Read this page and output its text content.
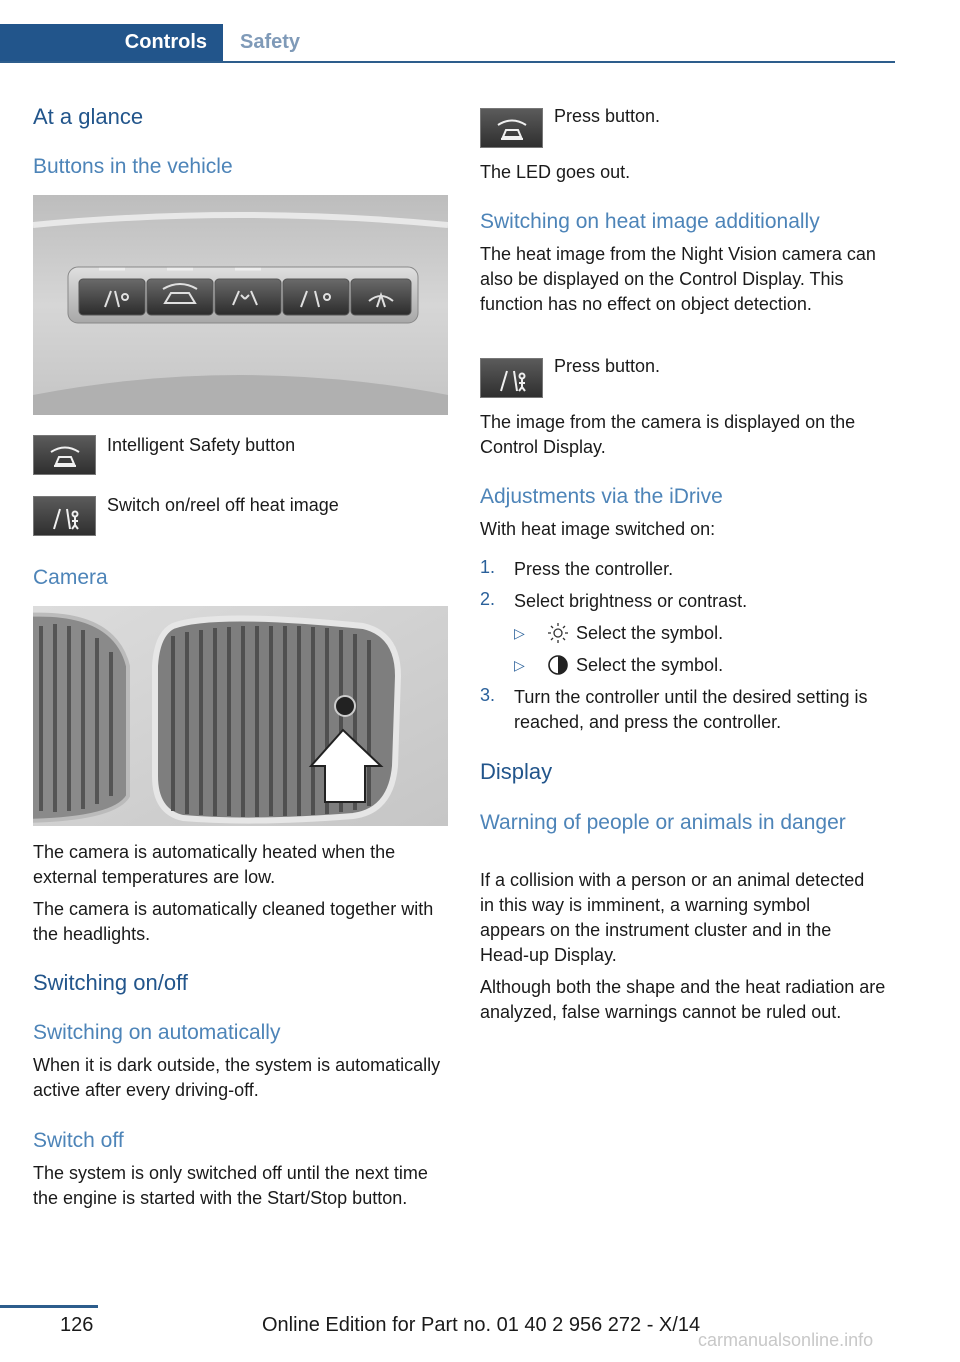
Controls Safety
At a glance
Buttons in the vehicle
Intelligent Safety button
Switch on/reel off heat image
Camera
The camera is automatically heated when the external temperatures are low.
The camera is automatically cleaned together with the headlights.
Switching on/off
Switching on automatically
When it is dark outside, the system is automatically active after every driving-off.
Switch off
The system is only switched off until the next time the engine is started with the Start/Stop button.
Press button.
The LED goes out.
Switching on heat image additionally
The heat image from the Night Vision camera can also be displayed on the Control Display. This function has no effect on object detection.
Press button.
The image from the camera is displayed on the Control Display.
Adjustments via the iDrive
With heat image switched on:
1. Press the controller.
2. Select brightness or contrast.
▷	Select the symbol.
▷	Select the symbol.
3. Turn the controller until the desired setting is reached, and press the controller.
Display
Warning of people or animals in danger
If a collision with a person or an animal detected in this way is imminent, a warning symbol appears on the instrument cluster and in the Head-up Display.
Although both the shape and the heat radiation are analyzed, false warnings cannot be ruled out.
126	Online Edition for Part no. 01 40 2 956 272 - X/14
carmanualsonline.info
